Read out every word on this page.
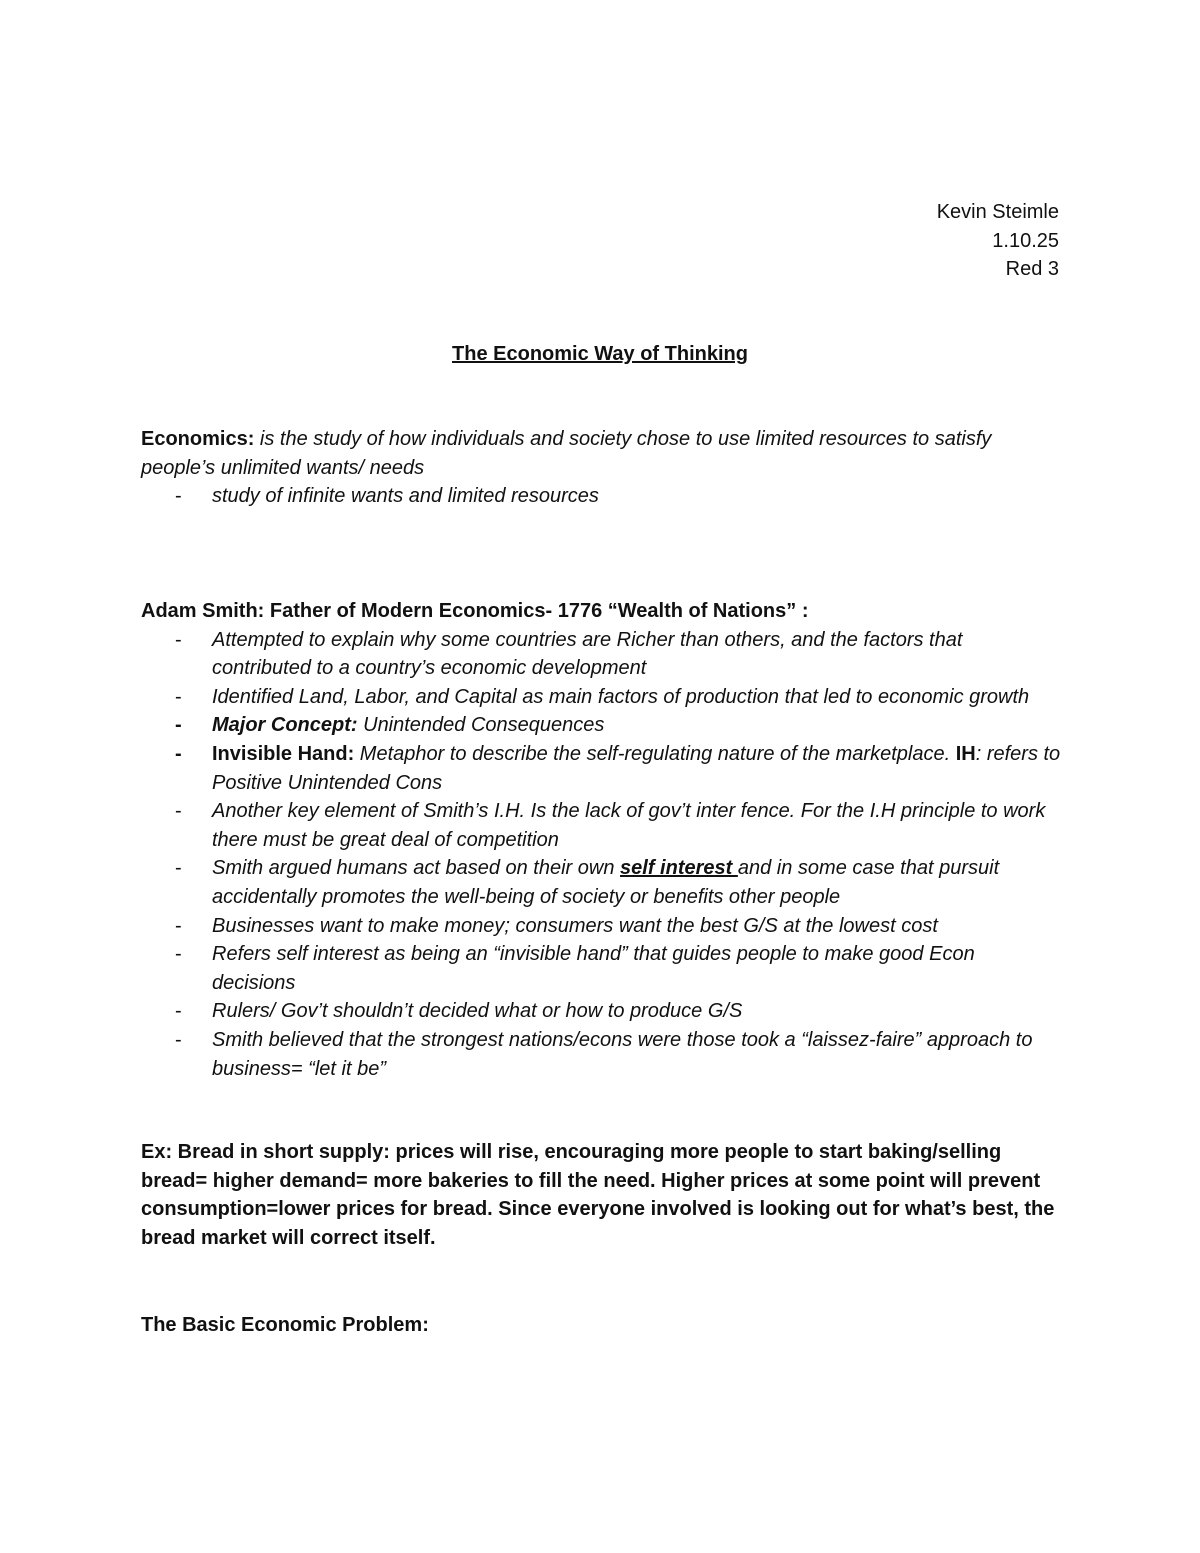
Kevin Steimle
1.10.25
Red 3
The Economic Way of Thinking
Economics: is the study of how individuals and society chose to use limited resources to satisfy people’s unlimited wants/ needs
- study of infinite wants and limited resources
Adam Smith: Father of Modern Economics- 1776 “Wealth of Nations” :
- Attempted to explain why some countries are Richer than others, and the factors that contributed to a country’s economic development
- Identified Land, Labor, and Capital as main factors of production that led to economic growth
- Major Concept: Unintended Consequences
- Invisible Hand: Metaphor to describe the self-regulating nature of the marketplace. IH: refers to Positive Unintended Cons
- Another key element of Smith’s I.H. Is the lack of gov’t inter fence. For the I.H principle to work there must be great deal of competition
- Smith argued humans act based on their own self interest and in some case that pursuit accidentally promotes the well-being of society or benefits other people
- Businesses want to make money; consumers want the best G/S at the lowest cost
- Refers self interest as being an “invisible hand” that guides people to make good Econ decisions
- Rulers/ Gov’t shouldn’t decided what or how to produce G/S
- Smith believed that the strongest nations/econs were those took a “laissez-faire” approach to business= “let it be”
Ex: Bread in short supply: prices will rise, encouraging more people to start baking/selling bread= higher demand= more bakeries to fill the need. Higher prices at some point will prevent consumption=lower prices for bread. Since everyone involved is looking out for what’s best, the bread market will correct itself.
The Basic Economic Problem:
